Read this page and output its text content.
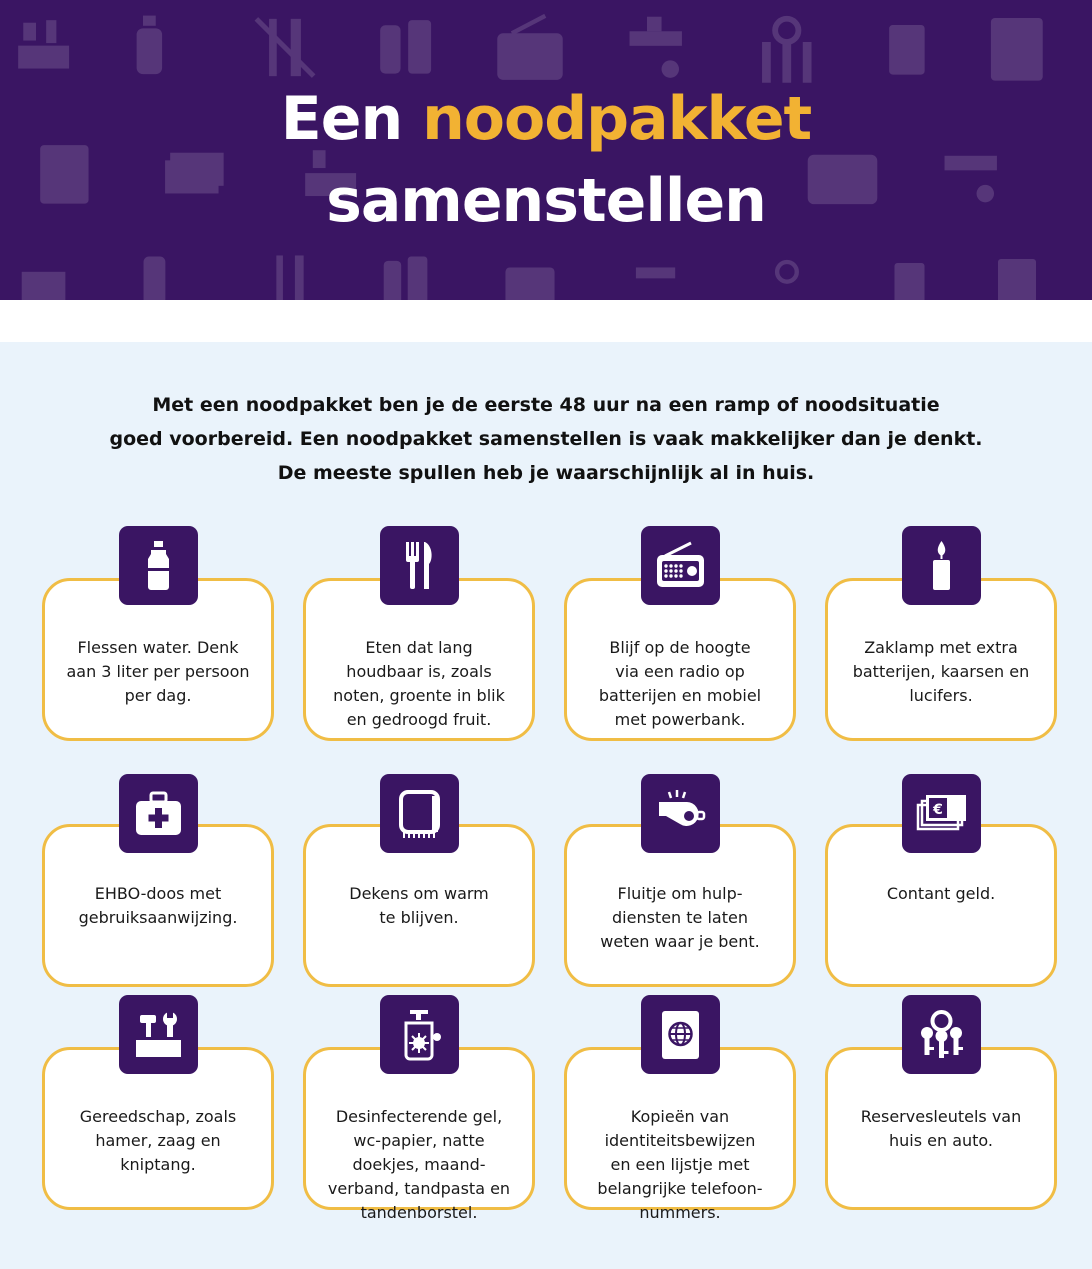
Een noodpakket
samenstellen
Met een noodpakket ben je de eerste 48 uur na een ramp of noodsituatie
goed voorbereid. Een noodpakket samenstellen is vaak makkelijker dan je denkt.
De meeste spullen heb je waarschijnlijk al in huis.
Flessen water. Denk
aan 3 liter per persoon
per dag.
Eten dat lang
houdbaar is, zoals
noten, groente in blik
en gedroogd fruit.
Blijf op de hoogte
via een radio op
batterijen en mobiel
met powerbank.
Zaklamp met extra
batterijen, kaarsen en
lucifers.
EHBO-doos met
gebruiksaanwijzing.
Dekens om warm
te blijven.
Fluitje om hulp-
diensten te laten
weten waar je bent.
Contant geld.
€
Gereedschap, zoals
hamer, zaag en
kniptang.
Desinfecterende gel,
wc-papier, natte
doekjes, maand-
verband, tandpasta en
tandenborstel.
Kopieën van
identiteitsbewijzen
en een lijstje met
belangrijke telefoon-
nummers.
Reservesleutels van
huis en auto.
